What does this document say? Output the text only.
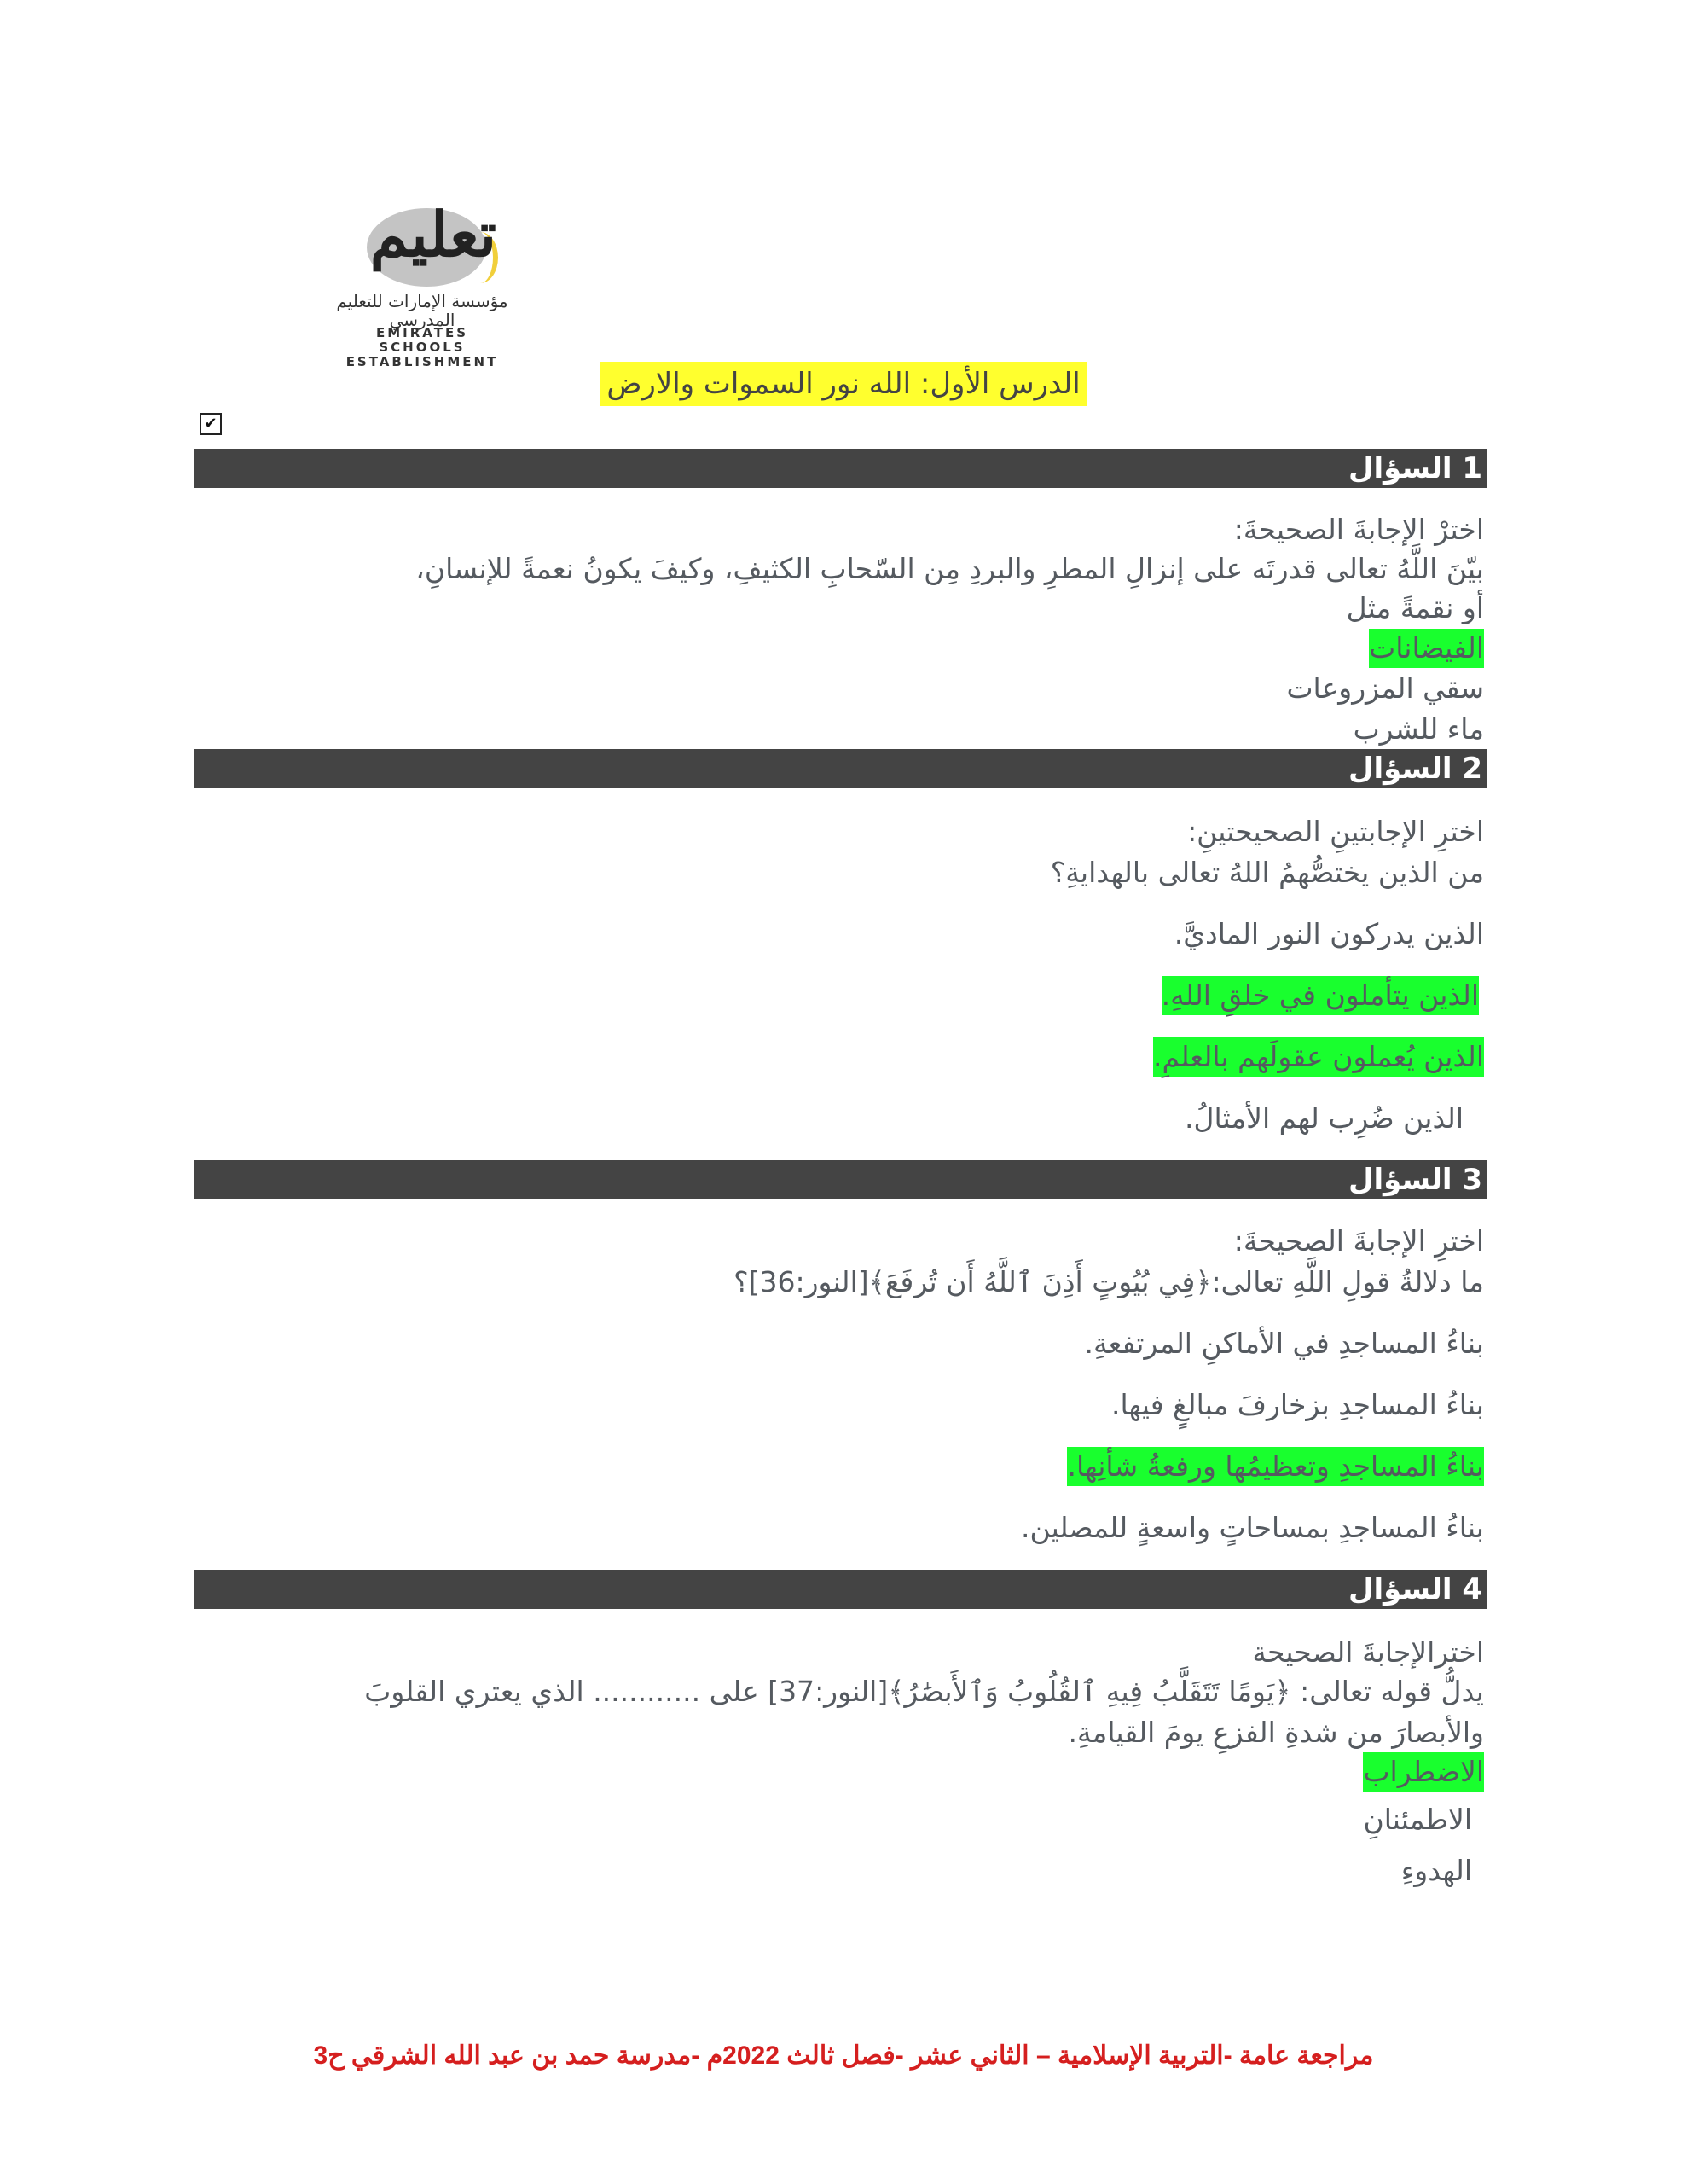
تعليم
مؤسسة الإمارات للتعليم المدرسي
EMIRATES SCHOOLS
ESTABLISHMENT
الدرس الأول: الله نور السموات والارض
✔
1 السؤال
اخترْ الإجابةَ الصحيحةَ:
بيّنَ اللَّهُ تعالى قدرتَه على إنزالِ المطرِ والبردِ مِن السّحابِ الكثيفِ، وكيفَ يكونُ نعمةً للإنسانِ،
أو نقمةً مثل
الفيضانات
سقي المزروعات
ماء للشرب
2 السؤال
اخترِ الإجابتينِ الصحيحتينِ:
من الذين يختصُّهمُ اللهُ تعالى بالهدايةِ؟
الذين يدركون النور الماديَّ.
الذين يتأملون في خلقِ اللهِ.
الذين يُعملون عقولَهم بالعلمِ.
الذين ضُرِب لهم الأمثالُ.
3 السؤال
اخترِ الإجابةَ الصحيحةَ:
ما دلالةُ قولِ اللَّهِ تعالى:﴿فِي بُيُوتٍ أَذِنَ ٱللَّهُ أَن تُرفَعَ﴾[النور:36]؟
بناءُ المساجدِ في الأماكنِ المرتفعةِ.
بناءُ المساجدِ بزخارفَ مبالغٍ فيها.
بناءُ المساجدِ وتعظيمُها ورفعةُ شأنِها.
بناءُ المساجدِ بمساحاتٍ واسعةٍ للمصلين.
4 السؤال
اخترالإجابةَ الصحيحة
يدلُّ قوله تعالى: ﴿يَومًا تَتَقَلَّبُ فِيهِ ٱلقُلُوبُ وَٱلأَبصَٰرُ﴾[النور:37] على ............ الذي يعتري القلوبَ
والأبصارَ من شدةِ الفزعِ يومَ القيامةِ.
الاضطراب
الاطمئنانِ
الهدوءِ
مراجعة عامة -التربية الإسلامية – الثاني عشر -فصل ثالث 2022م -مدرسة حمد بن عبد الله الشرقي ح3
